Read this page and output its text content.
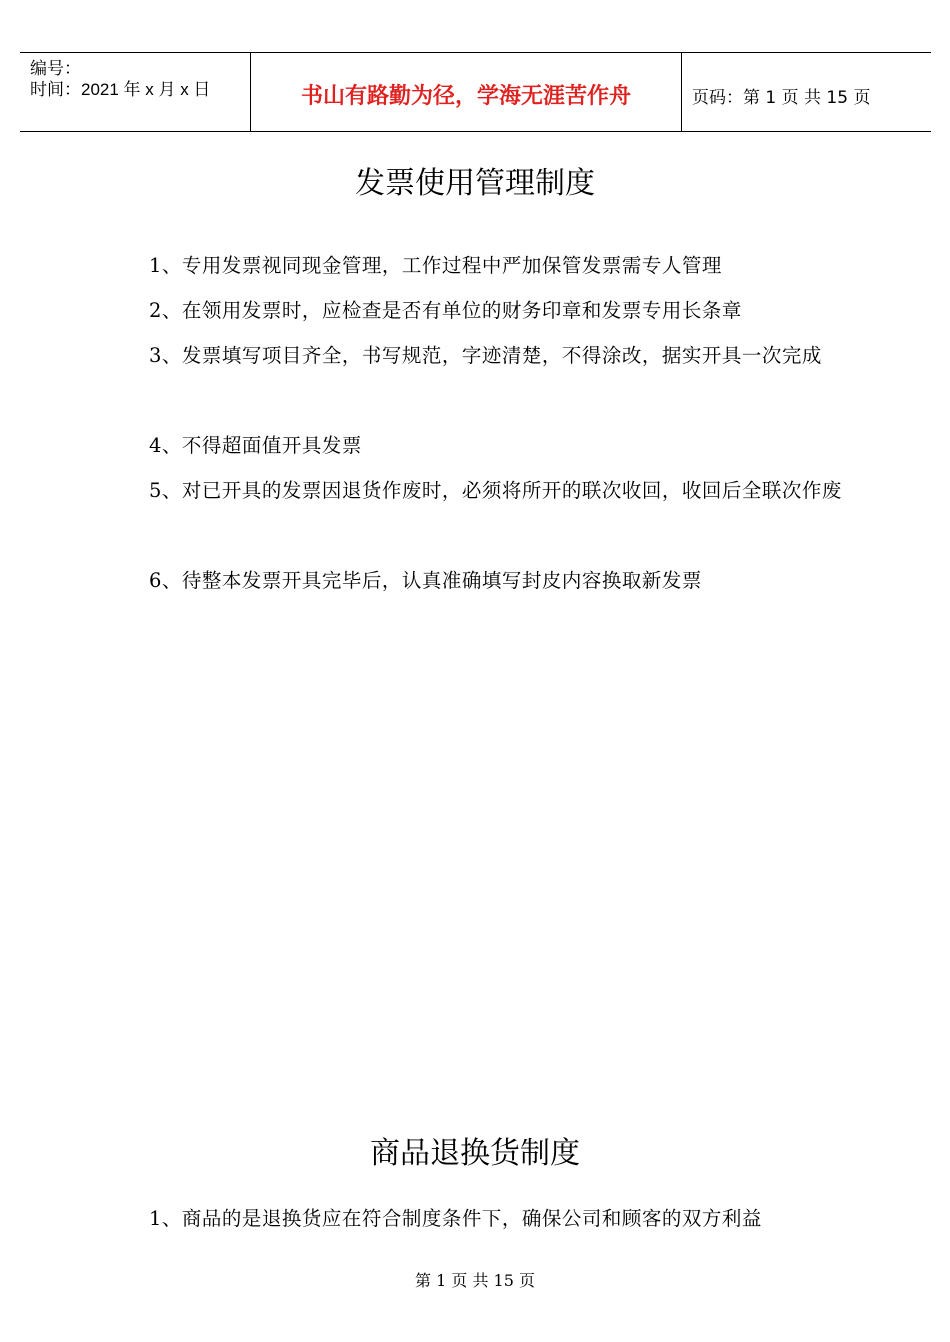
编号：
时间：2021 年 x 月 x 日	书山有路勤为径，学海无涯苦作舟	页码：第 1 页 共 15 页
发票使用管理制度
1、专用发票视同现金管理，工作过程中严加保管发票需专人管理
2、在领用发票时，应检查是否有单位的财务印章和发票专用长条章
3、发票填写项目齐全，书写规范，字迹清楚，不得涂改，据实开具一次完成
4、不得超面值开具发票
5、对已开具的发票因退货作废时，必须将所开的联次收回，收回后全联次作废
6、待整本发票开具完毕后，认真准确填写封皮内容换取新发票
商品退换货制度
1、商品的是退换货应在符合制度条件下，确保公司和顾客的双方利益
第 1 页 共 15 页
